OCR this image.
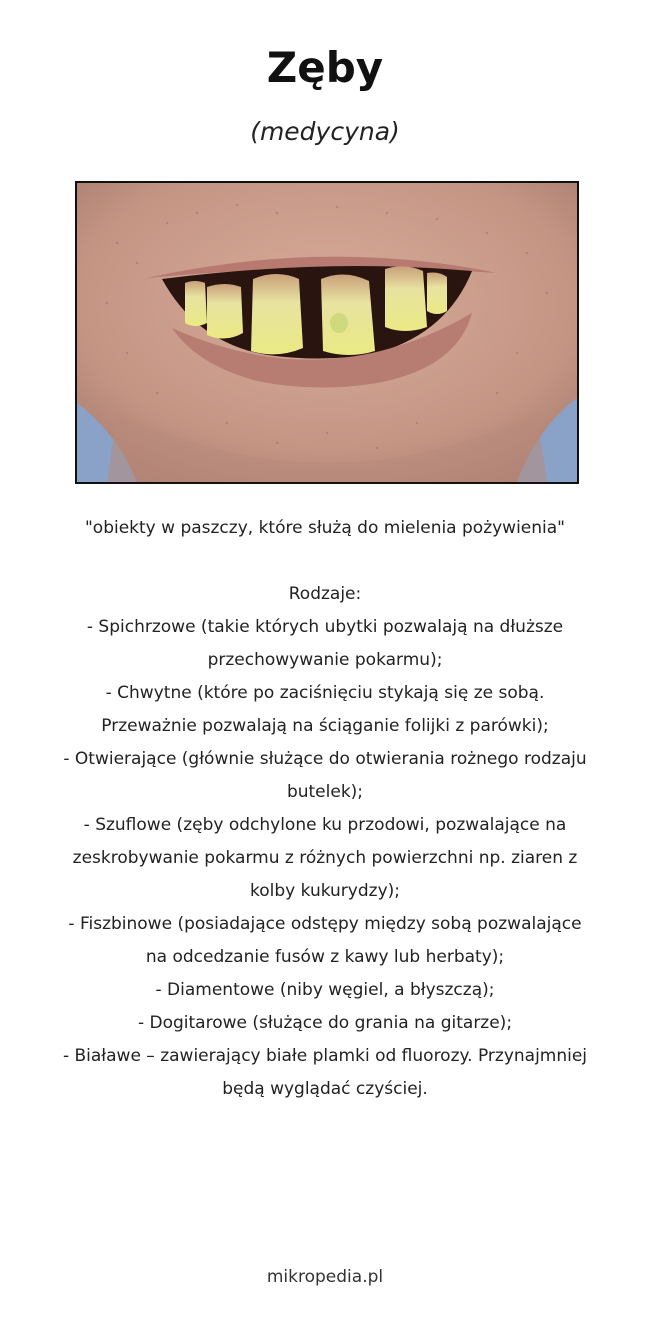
Zęby
(medycyna)

"obiekty w paszczy, które służą do mielenia pożywienia"

Rodzaje:

- Spichrzowe (takie których ubytki pozwalają na dłuższe przechowywanie pokarmu);

- Chwytne (które po zaciśnięciu stykają się ze sobą. Przeważnie pozwalają na ściąganie folijki z parówki);

- Otwierające (głównie służące do otwierania rożnego rodzaju butelek);

- Szuflowe (zęby odchylone ku przodowi, pozwalające na zeskrobywanie pokarmu z różnych powierzchni np. ziaren z kolby kukurydzy);

- Fiszbinowe (posiadające odstępy między sobą pozwalające na odcedzanie fusów z kawy lub herbaty);

- Diamentowe (niby węgiel, a błyszczą);

- Dogitarowe (służące do grania na gitarze);

- Białawe – zawierający białe plamki od fluorozy. Przynajmniej będą wyglądać czyściej.

mikropedia.pl
